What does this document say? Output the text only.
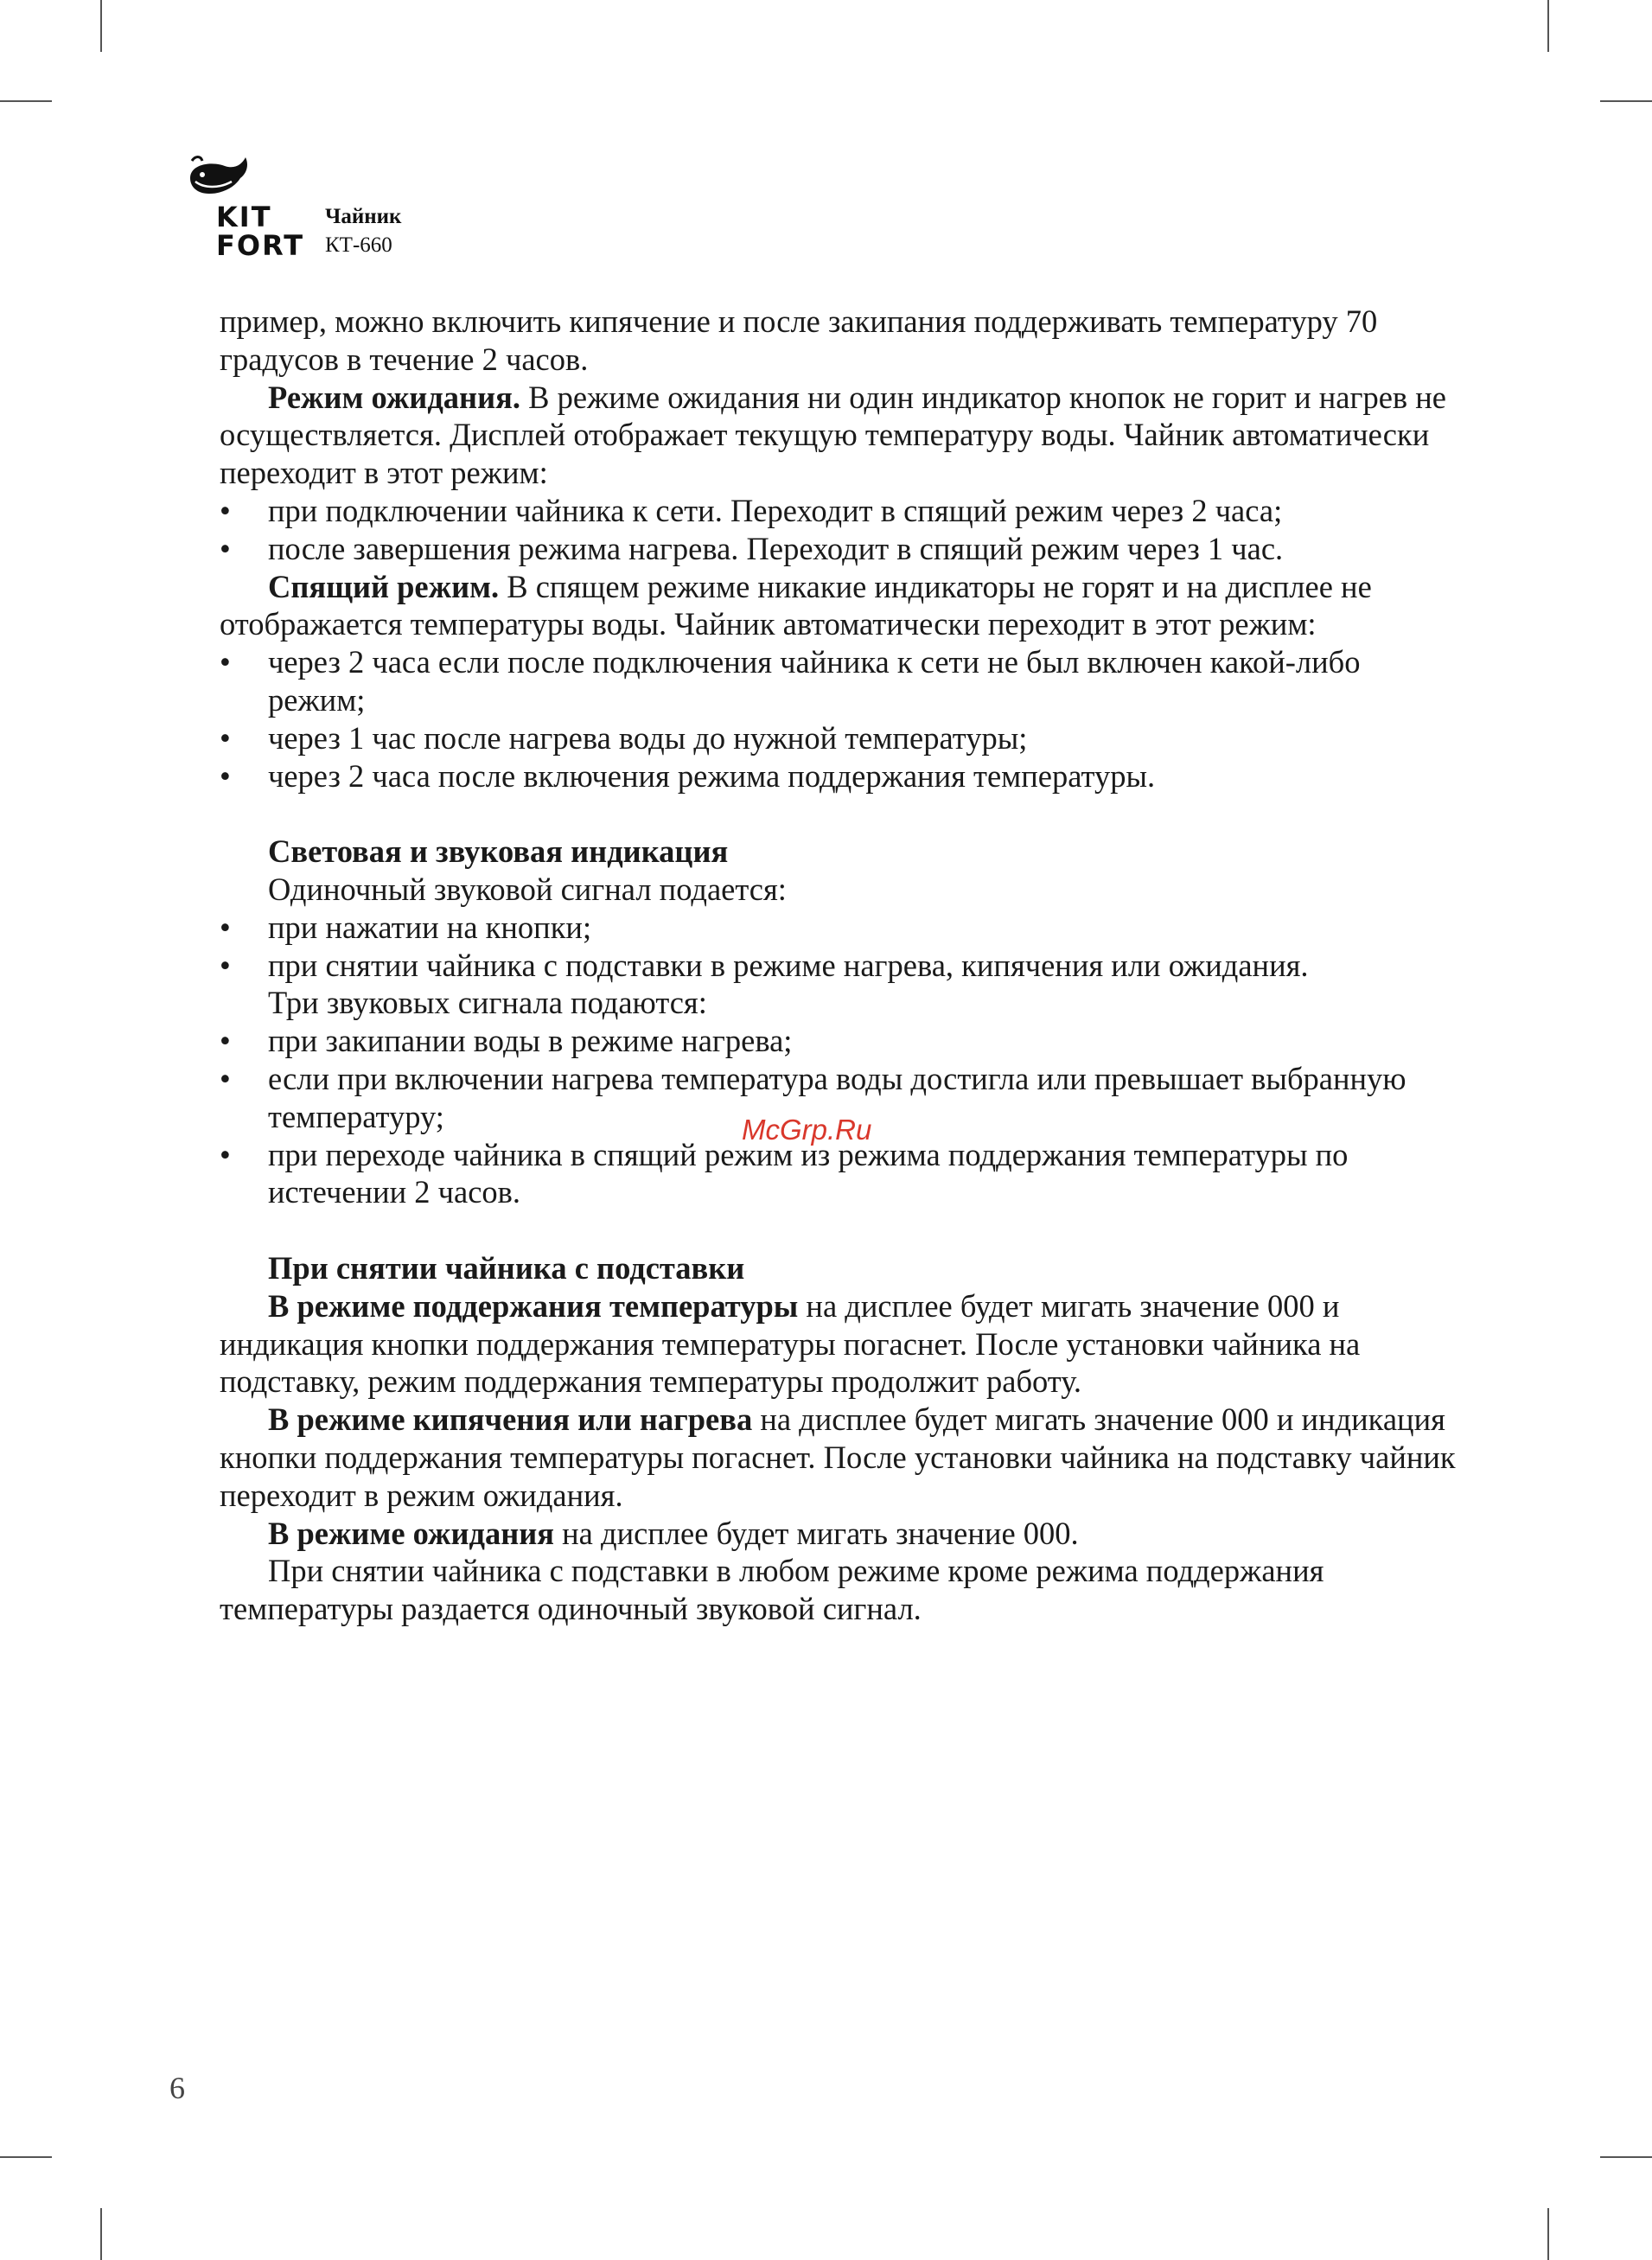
KIT
FORT
Чайник
КТ-660

пример, можно включить кипячение и после закипания поддерживать температуру 70 градусов в течение 2 часов.

Режим ожидания. В режиме ожидания ни один индикатор кнопок не горит и нагрев не осуществляется. Дисплей отображает текущую температуру воды. Чайник автоматически переходит в этот режим:

• при подключении чайника к сети. Переходит в спящий режим через 2 часа;
• после завершения режима нагрева. Переходит в спящий режим через 1 час.

Спящий режим. В спящем режиме никакие индикаторы не горят и на дисплее не отображается температуры воды. Чайник автоматически переходит в этот режим:

• через 2 часа если после подключения чайника к сети не был включен какой-либо режим;
• через 1 час после нагрева воды до нужной температуры;
• через 2 часа после включения режима поддержания температуры.

Световая и звуковая индикация

Одиночный звуковой сигнал подается:

• при нажатии на кнопки;
• при снятии чайника с подставки в режиме нагрева, кипячения или ожидания.

Три звуковых сигнала подаются:

• при закипании воды в режиме нагрева;
• если при включении нагрева температура воды достигла или превышает выбранную температуру;
• при переходе чайника в спящий режим из режима поддержания температуры по истечении 2 часов.

При снятии чайника с подставки

В режиме поддержания температуры на дисплее будет мигать значение 000 и индикация кнопки поддержания температуры погаснет. После установки чайника на подставку, режим поддержания температуры продолжит работу.

В режиме кипячения или нагрева на дисплее будет мигать значение 000 и индикация кнопки поддержания температуры погаснет. После установки чайника на подставку чайник переходит в режим ожидания.

В режиме ожидания на дисплее будет мигать значение 000.

При снятии чайника с подставки в любом режиме кроме режима поддержания температуры раздается одиночный звуковой сигнал.

McGrp.Ru
6
